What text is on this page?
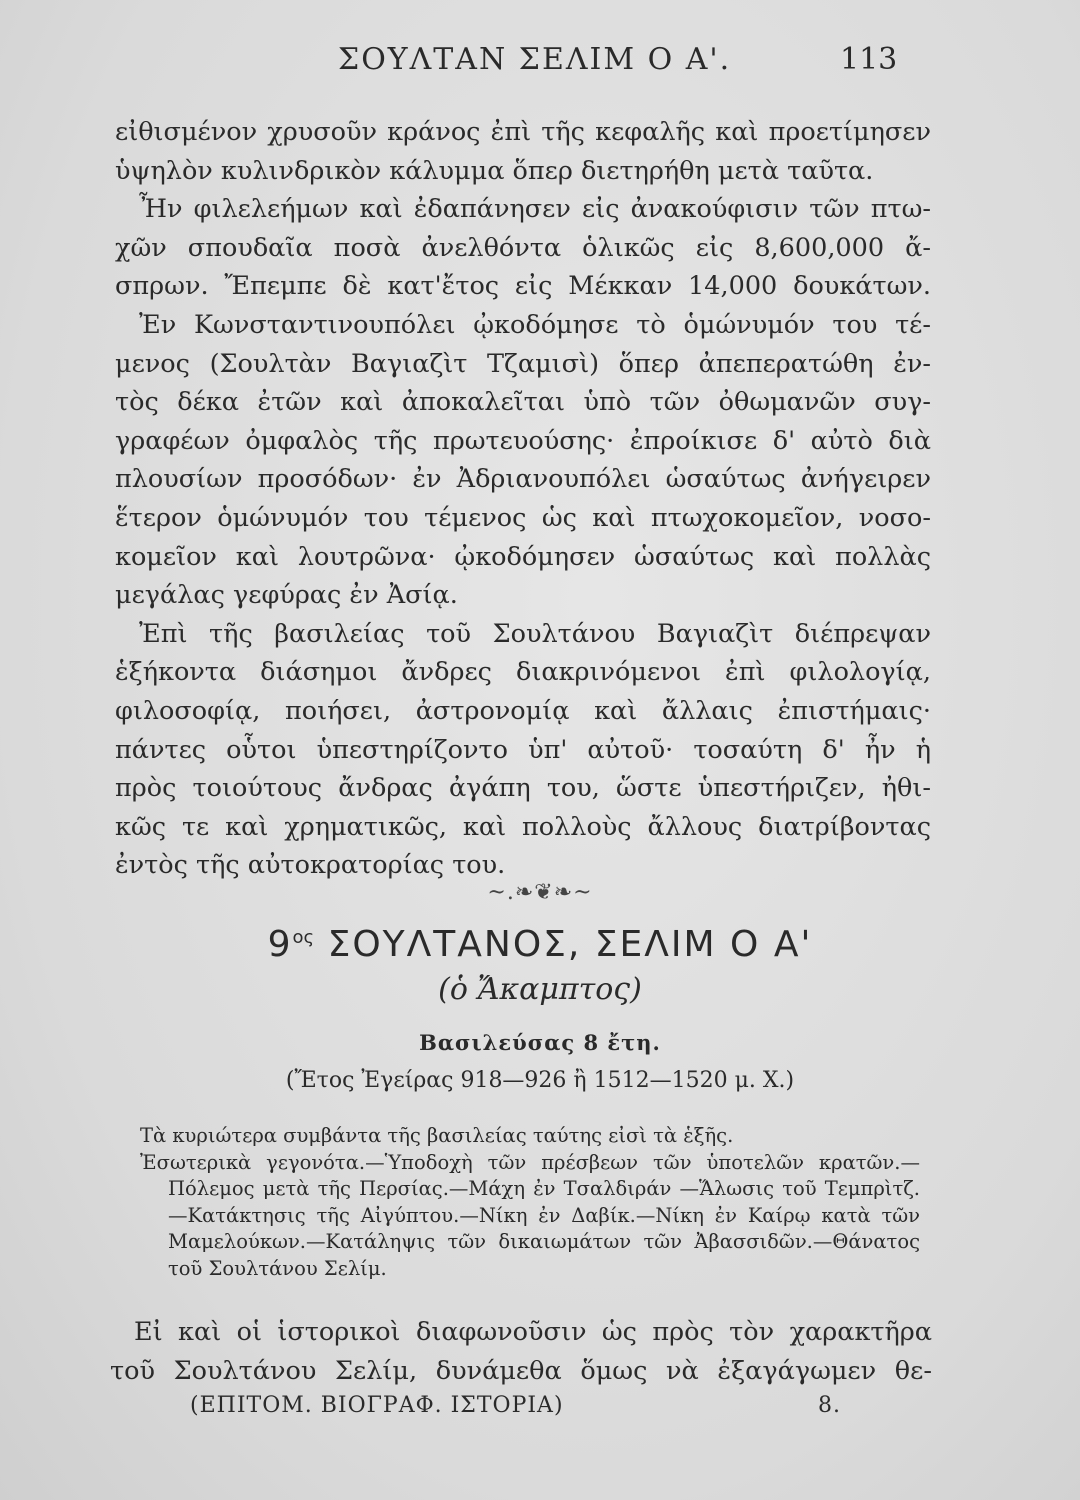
ΣΟΥΛΤΑΝ ΣΕΛΙΜ Ο Α'.	113

εἰθισμένον χρυσοῦν κράνος ἐπὶ τῆς κεφαλῆς καὶ προετίμησεν

ὑψηλὸν κυλινδρικὸν κάλυμμα ὅπερ διετηρήθη μετὰ ταῦτα.

Ἦν φιλελεήμων καὶ ἐδαπάνησεν εἰς ἀνακούφισιν τῶν πτω-

χῶν σπουδαῖα ποσὰ ἀνελθόντα ὁλικῶς εἰς 8,600,000 ἄ-

σπρων. Ἔπεμπε δὲ κατ'ἔτος εἰς Μέκκαν 14,000 δουκάτων.

Ἐν Κωνσταντινουπόλει ᾠκοδόμησε τὸ ὁμώνυμόν του τέ-

μενος (Σουλτὰν Βαγιαζὶτ Τζαμισὶ) ὅπερ ἀπεπερατώθη ἐν-

τὸς δέκα ἐτῶν καὶ ἀποκαλεῖται ὑπὸ τῶν ὀθωμανῶν συγ-

γραφέων ὀμφαλὸς τῆς πρωτευούσης· ἐπροίκισε δ' αὐτὸ διὰ

πλουσίων προσόδων· ἐν Ἀδριανουπόλει ὡσαύτως ἀνήγειρεν

ἕτερον ὁμώνυμόν του τέμενος ὡς καὶ πτωχοκομεῖον, νοσο-

κομεῖον καὶ λουτρῶνα· ᾠκοδόμησεν ὡσαύτως καὶ πολλὰς

μεγάλας γεφύρας ἐν Ἀσίᾳ.

Ἐπὶ τῆς βασιλείας τοῦ Σουλτάνου Βαγιαζὶτ διέπρεψαν

ἑξήκοντα διάσημοι ἄνδρες διακρινόμενοι ἐπὶ φιλολογίᾳ,

φιλοσοφίᾳ, ποιήσει, ἀστρονομίᾳ καὶ ἄλλαις ἐπιστήμαις·

πάντες οὗτοι ὑπεστηρίζοντο ὑπ' αὐτοῦ· τοσαύτη δ' ἦν ἡ

πρὸς τοιούτους ἄνδρας ἀγάπη του, ὥστε ὑπεστήριζεν, ἠθι-

κῶς τε καὶ χρηματικῶς, καὶ πολλοὺς ἄλλους διατρίβοντας

ἐντὸς τῆς αὐτοκρατορίας του.

~.❧❦❧~
$9^{o\varsigma}$ ΣΟΥΛΤΑΝΟΣ, ΣΕΛΙΜ Ο Α'
(ὁ Ἄκαμπτος)
Βασιλεύσας 8 ἔτη.
(Ἔτος Ἐγείρας 918—926 ἢ 1512—1520 μ. Χ.)

Τὰ κυριώτερα συμβάντα τῆς βασιλείας ταύτης εἰσὶ τὰ ἑξῆς.

Ἐσωτερικὰ γεγονότα.—Ὑποδοχὴ τῶν πρέσβεων τῶν ὑποτελῶν κρατῶν.—Πόλεμος μετὰ τῆς Περσίας.—Μάχη ἐν Τσαλδιράν —Ἅλωσις τοῦ Τεμπρὶτζ.—Κατάκτησις τῆς Αἰγύπτου.—Νίκη ἐν Δαβίκ.—Νίκη ἐν Καίρῳ κατὰ τῶν Μαμελούκων.—Κατάληψις τῶν δικαιωμάτων τῶν Ἀβασσιδῶν.—Θάνατος τοῦ Σουλτάνου Σελίμ.

Εἰ καὶ οἱ ἱστορικοὶ διαφωνοῦσιν ὡς πρὸς τὸν χαρακτῆρα

τοῦ Σουλτάνου Σελίμ, δυνάμεθα ὅμως νὰ ἐξαγάγωμεν θε-

(ΕΠΙΤΟΜ. ΒΙΟΓΡΑΦ. ΙΣΤΟΡΙΑ)	8.
